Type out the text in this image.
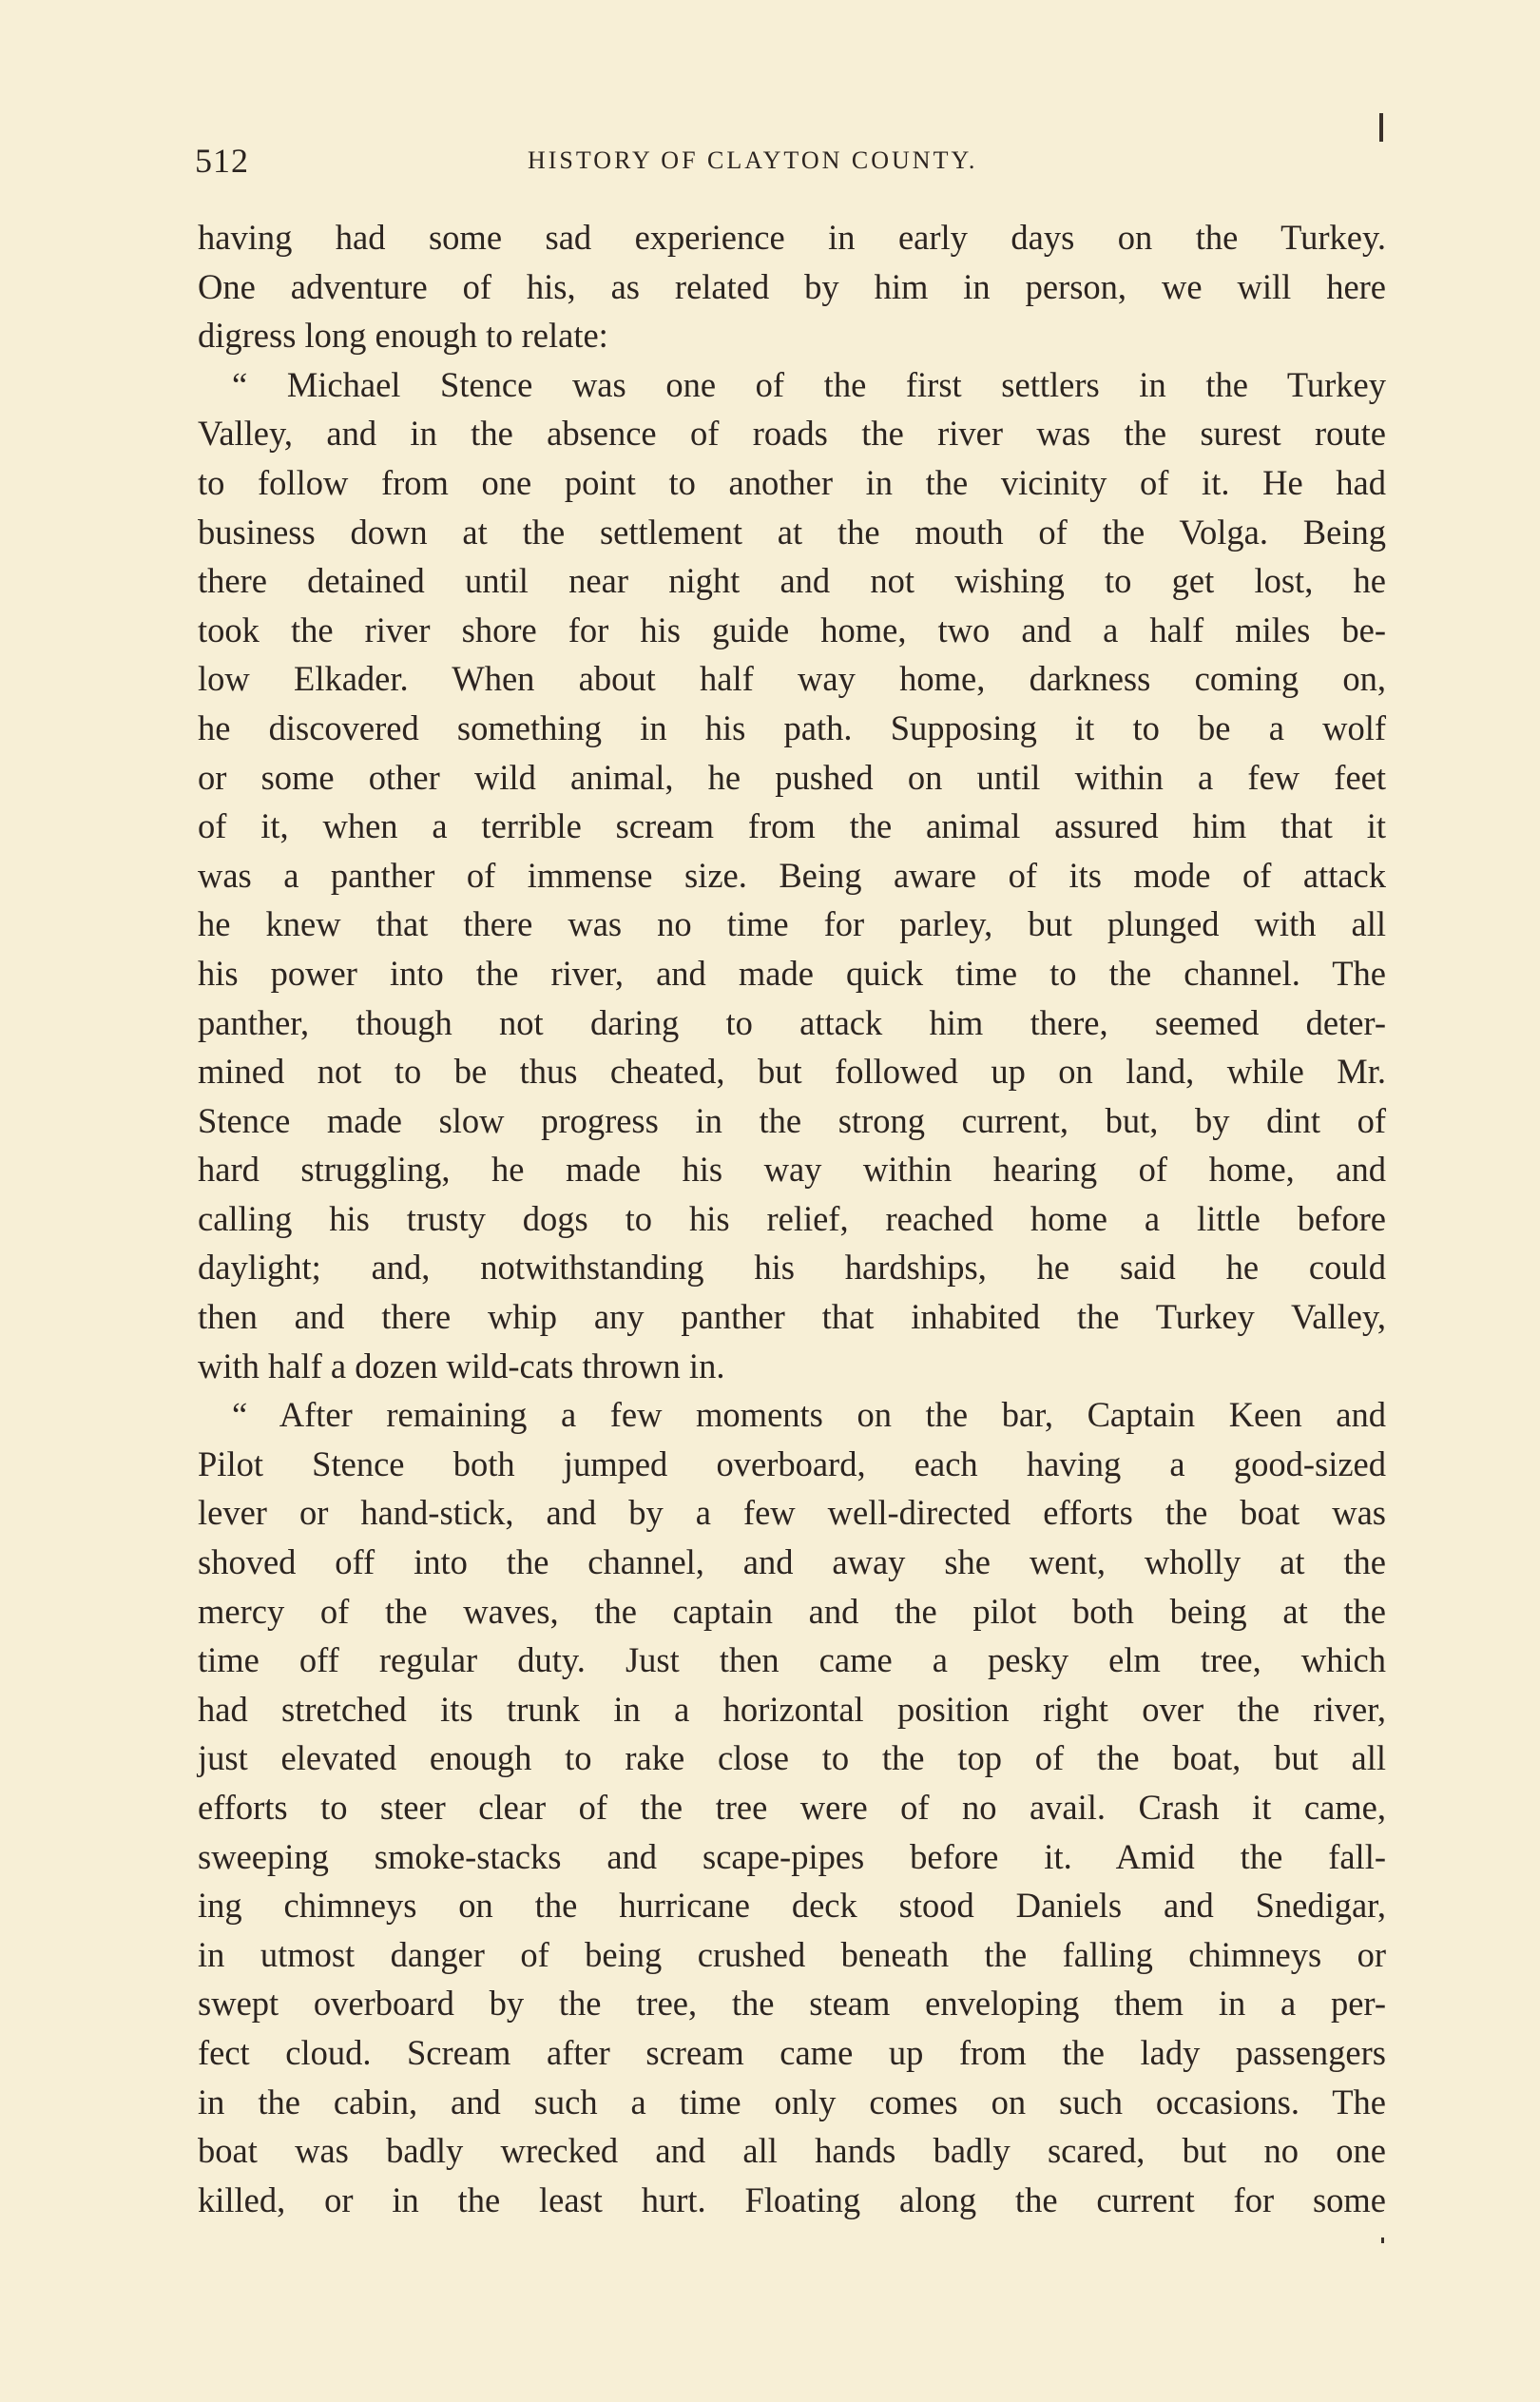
512	HISTORY OF CLAYTON COUNTY.
having had some sad experience in early days on the Turkey.
One adventure of his, as related by him in person, we will here
digress long enough to relate:
“ Michael Stence was one of the first settlers in the Turkey
Valley, and in the absence of roads the river was the surest route
to follow from one point to another in the vicinity of it. He had
business down at the settlement at the mouth of the Volga. Being
there detained until near night and not wishing to get lost, he
took the river shore for his guide home, two and a half miles be-
low Elkader. When about half way home, darkness coming on,
he discovered something in his path. Supposing it to be a wolf
or some other wild animal, he pushed on until within a few feet
of it, when a terrible scream from the animal assured him that it
was a panther of immense size. Being aware of its mode of attack
he knew that there was no time for parley, but plunged with all
his power into the river, and made quick time to the channel. The
panther, though not daring to attack him there, seemed deter-
mined not to be thus cheated, but followed up on land, while Mr.
Stence made slow progress in the strong current, but, by dint of
hard struggling, he made his way within hearing of home, and
calling his trusty dogs to his relief, reached home a little before
daylight; and, notwithstanding his hardships, he said he could
then and there whip any panther that inhabited the Turkey Valley,
with half a dozen wild-cats thrown in.
“ After remaining a few moments on the bar, Captain Keen and
Pilot Stence both jumped overboard, each having a good-sized
lever or hand-stick, and by a few well-directed efforts the boat was
shoved off into the channel, and away she went, wholly at the
mercy of the waves, the captain and the pilot both being at the
time off regular duty. Just then came a pesky elm tree, which
had stretched its trunk in a horizontal position right over the river,
just elevated enough to rake close to the top of the boat, but all
efforts to steer clear of the tree were of no avail. Crash it came,
sweeping smoke-stacks and scape-pipes before it. Amid the fall-
ing chimneys on the hurricane deck stood Daniels and Snedigar,
in utmost danger of being crushed beneath the falling chimneys or
swept overboard by the tree, the steam enveloping them in a per-
fect cloud. Scream after scream came up from the lady passengers
in the cabin, and such a time only comes on such occasions. The
boat was badly wrecked and all hands badly scared, but no one
killed, or in the least hurt. Floating along the current for some
